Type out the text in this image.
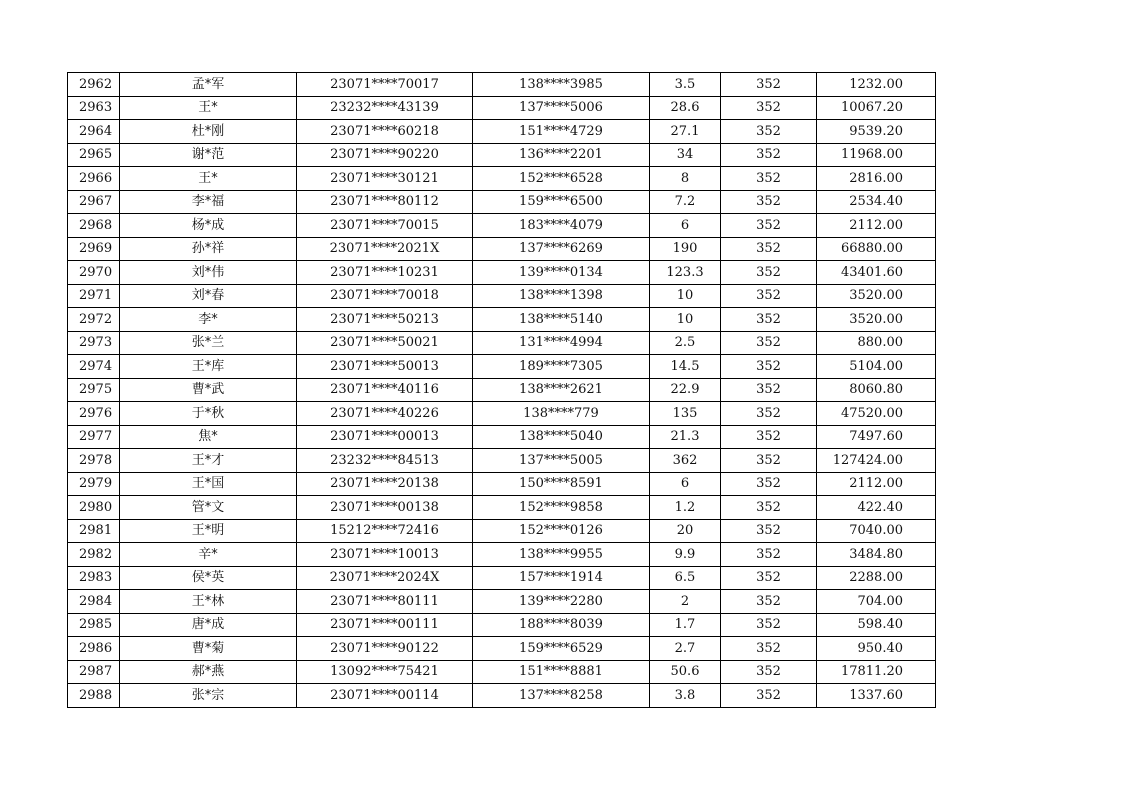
2962	孟*军	23071****70017	138****3985	3.5	352	1232.00
2963	王*	23232****43139	137****5006	28.6	352	10067.20
2964	杜*刚	23071****60218	151****4729	27.1	352	9539.20
2965	谢*范	23071****90220	136****2201	34	352	11968.00
2966	王*	23071****30121	152****6528	8	352	2816.00
2967	李*福	23071****80112	159****6500	7.2	352	2534.40
2968	杨*成	23071****70015	183****4079	6	352	2112.00
2969	孙*祥	23071****2021X	137****6269	190	352	66880.00
2970	刘*伟	23071****10231	139****0134	123.3	352	43401.60
2971	刘*春	23071****70018	138****1398	10	352	3520.00
2972	李*	23071****50213	138****5140	10	352	3520.00
2973	张*兰	23071****50021	131****4994	2.5	352	880.00
2974	王*库	23071****50013	189****7305	14.5	352	5104.00
2975	曹*武	23071****40116	138****2621	22.9	352	8060.80
2976	于*秋	23071****40226	138****779	135	352	47520.00
2977	焦*	23071****00013	138****5040	21.3	352	7497.60
2978	王*才	23232****84513	137****5005	362	352	127424.00
2979	王*国	23071****20138	150****8591	6	352	2112.00
2980	管*文	23071****00138	152****9858	1.2	352	422.40
2981	王*明	15212****72416	152****0126	20	352	7040.00
2982	辛*	23071****10013	138****9955	9.9	352	3484.80
2983	侯*英	23071****2024X	157****1914	6.5	352	2288.00
2984	王*林	23071****80111	139****2280	2	352	704.00
2985	唐*成	23071****00111	188****8039	1.7	352	598.40
2986	曹*菊	23071****90122	159****6529	2.7	352	950.40
2987	郝*燕	13092****75421	151****8881	50.6	352	17811.20
2988	张*宗	23071****00114	137****8258	3.8	352	1337.60
